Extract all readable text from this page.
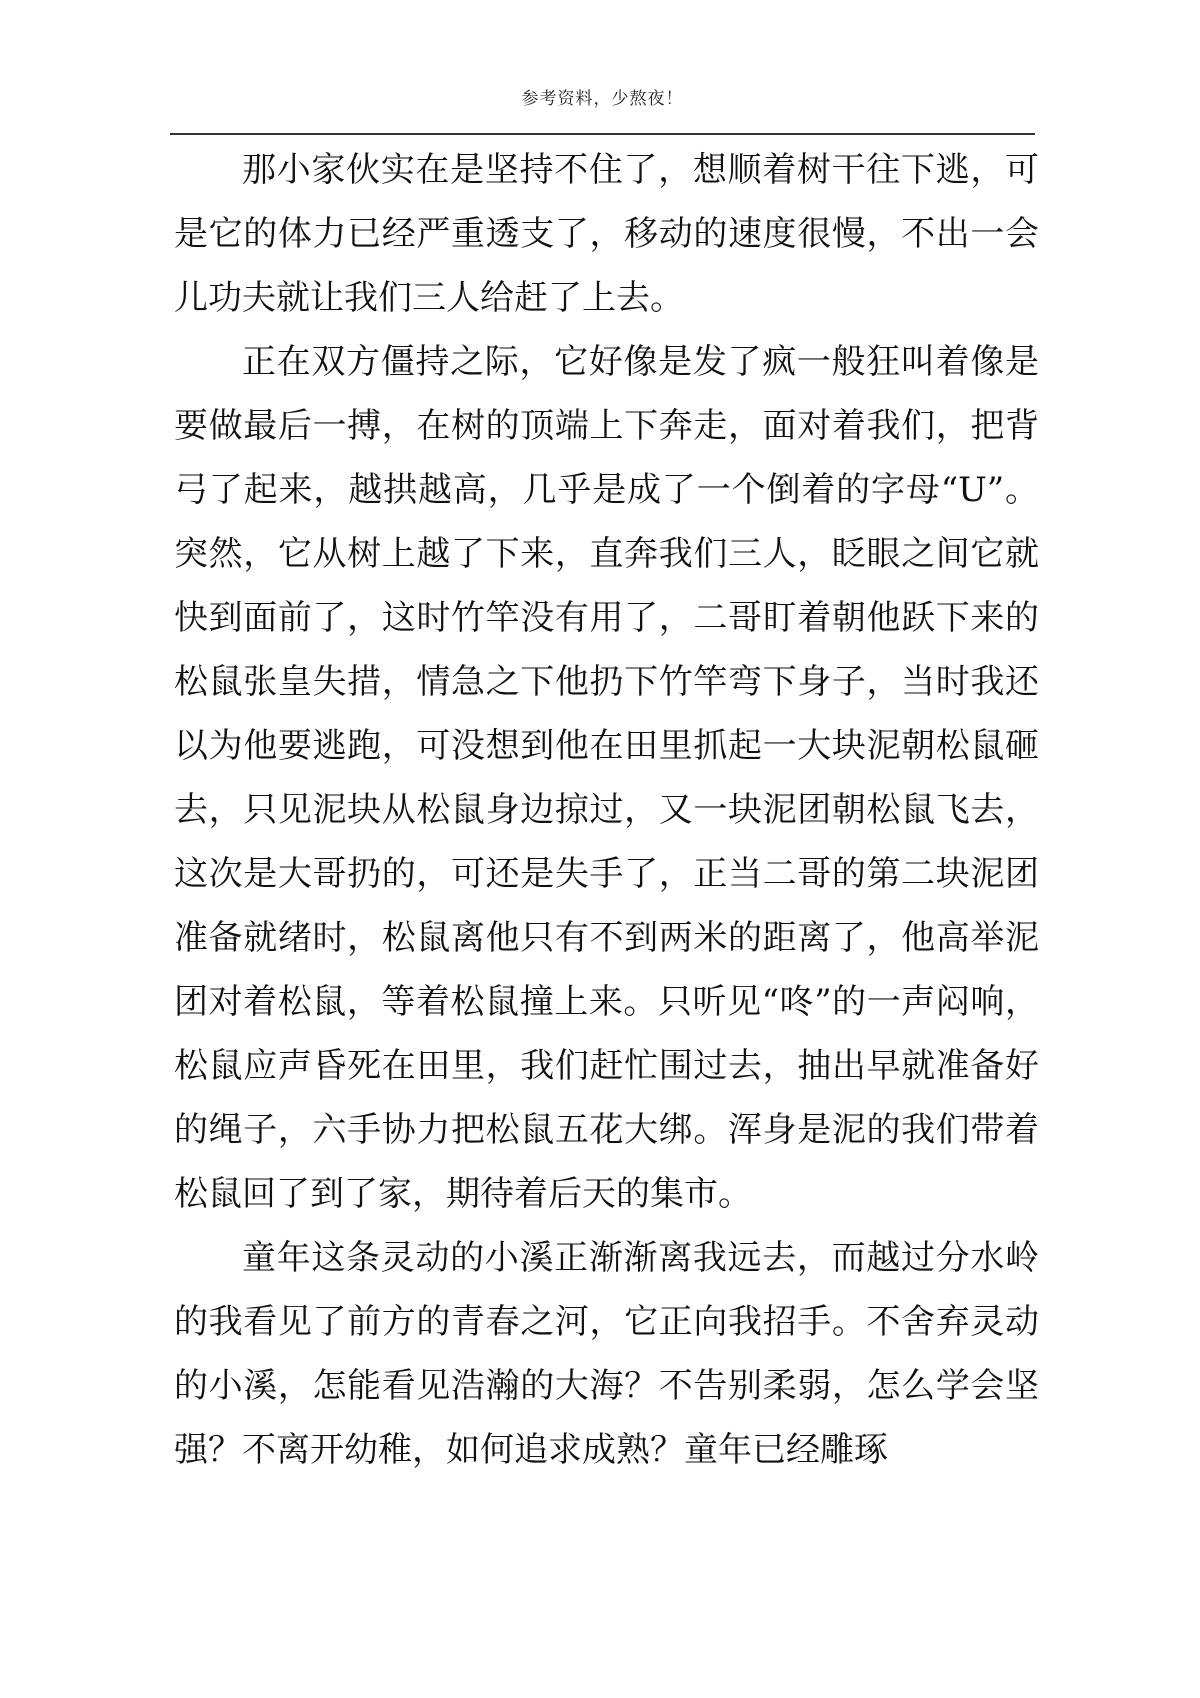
参考资料，少熬夜！

那小家伙实在是坚持不住了，想顺着树干往下逃，可是它的体力已经严重透支了，移动的速度很慢，不出一会儿功夫就让我们三人给赶了上去。

正在双方僵持之际，它好像是发了疯一般狂叫着像是要做最后一搏，在树的顶端上下奔走，面对着我们，把背弓了起来，越拱越高，几乎是成了一个倒着的字母“U”。突然，它从树上越了下来，直奔我们三人，眨眼之间它就快到面前了，这时竹竿没有用了，二哥盯着朝他跃下来的松鼠张皇失措，情急之下他扔下竹竿弯下身子，当时我还以为他要逃跑，可没想到他在田里抓起一大块泥朝松鼠砸去，只见泥块从松鼠身边掠过，又一块泥团朝松鼠飞去，这次是大哥扔的，可还是失手了，正当二哥的第二块泥团准备就绪时，松鼠离他只有不到两米的距离了，他高举泥团对着松鼠，等着松鼠撞上来。只听见“咚”的一声闷响，松鼠应声昏死在田里，我们赶忙围过去，抽出早就准备好的绳子，六手协力把松鼠五花大绑。浑身是泥的我们带着松鼠回了到了家，期待着后天的集市。

童年这条灵动的小溪正渐渐离我远去，而越过分水岭的我看见了前方的青春之河，它正向我招手。不舍弃灵动的小溪，怎能看见浩瀚的大海？不告别柔弱，怎么学会坚强？不离开幼稚，如何追求成熟？童年已经雕琢
